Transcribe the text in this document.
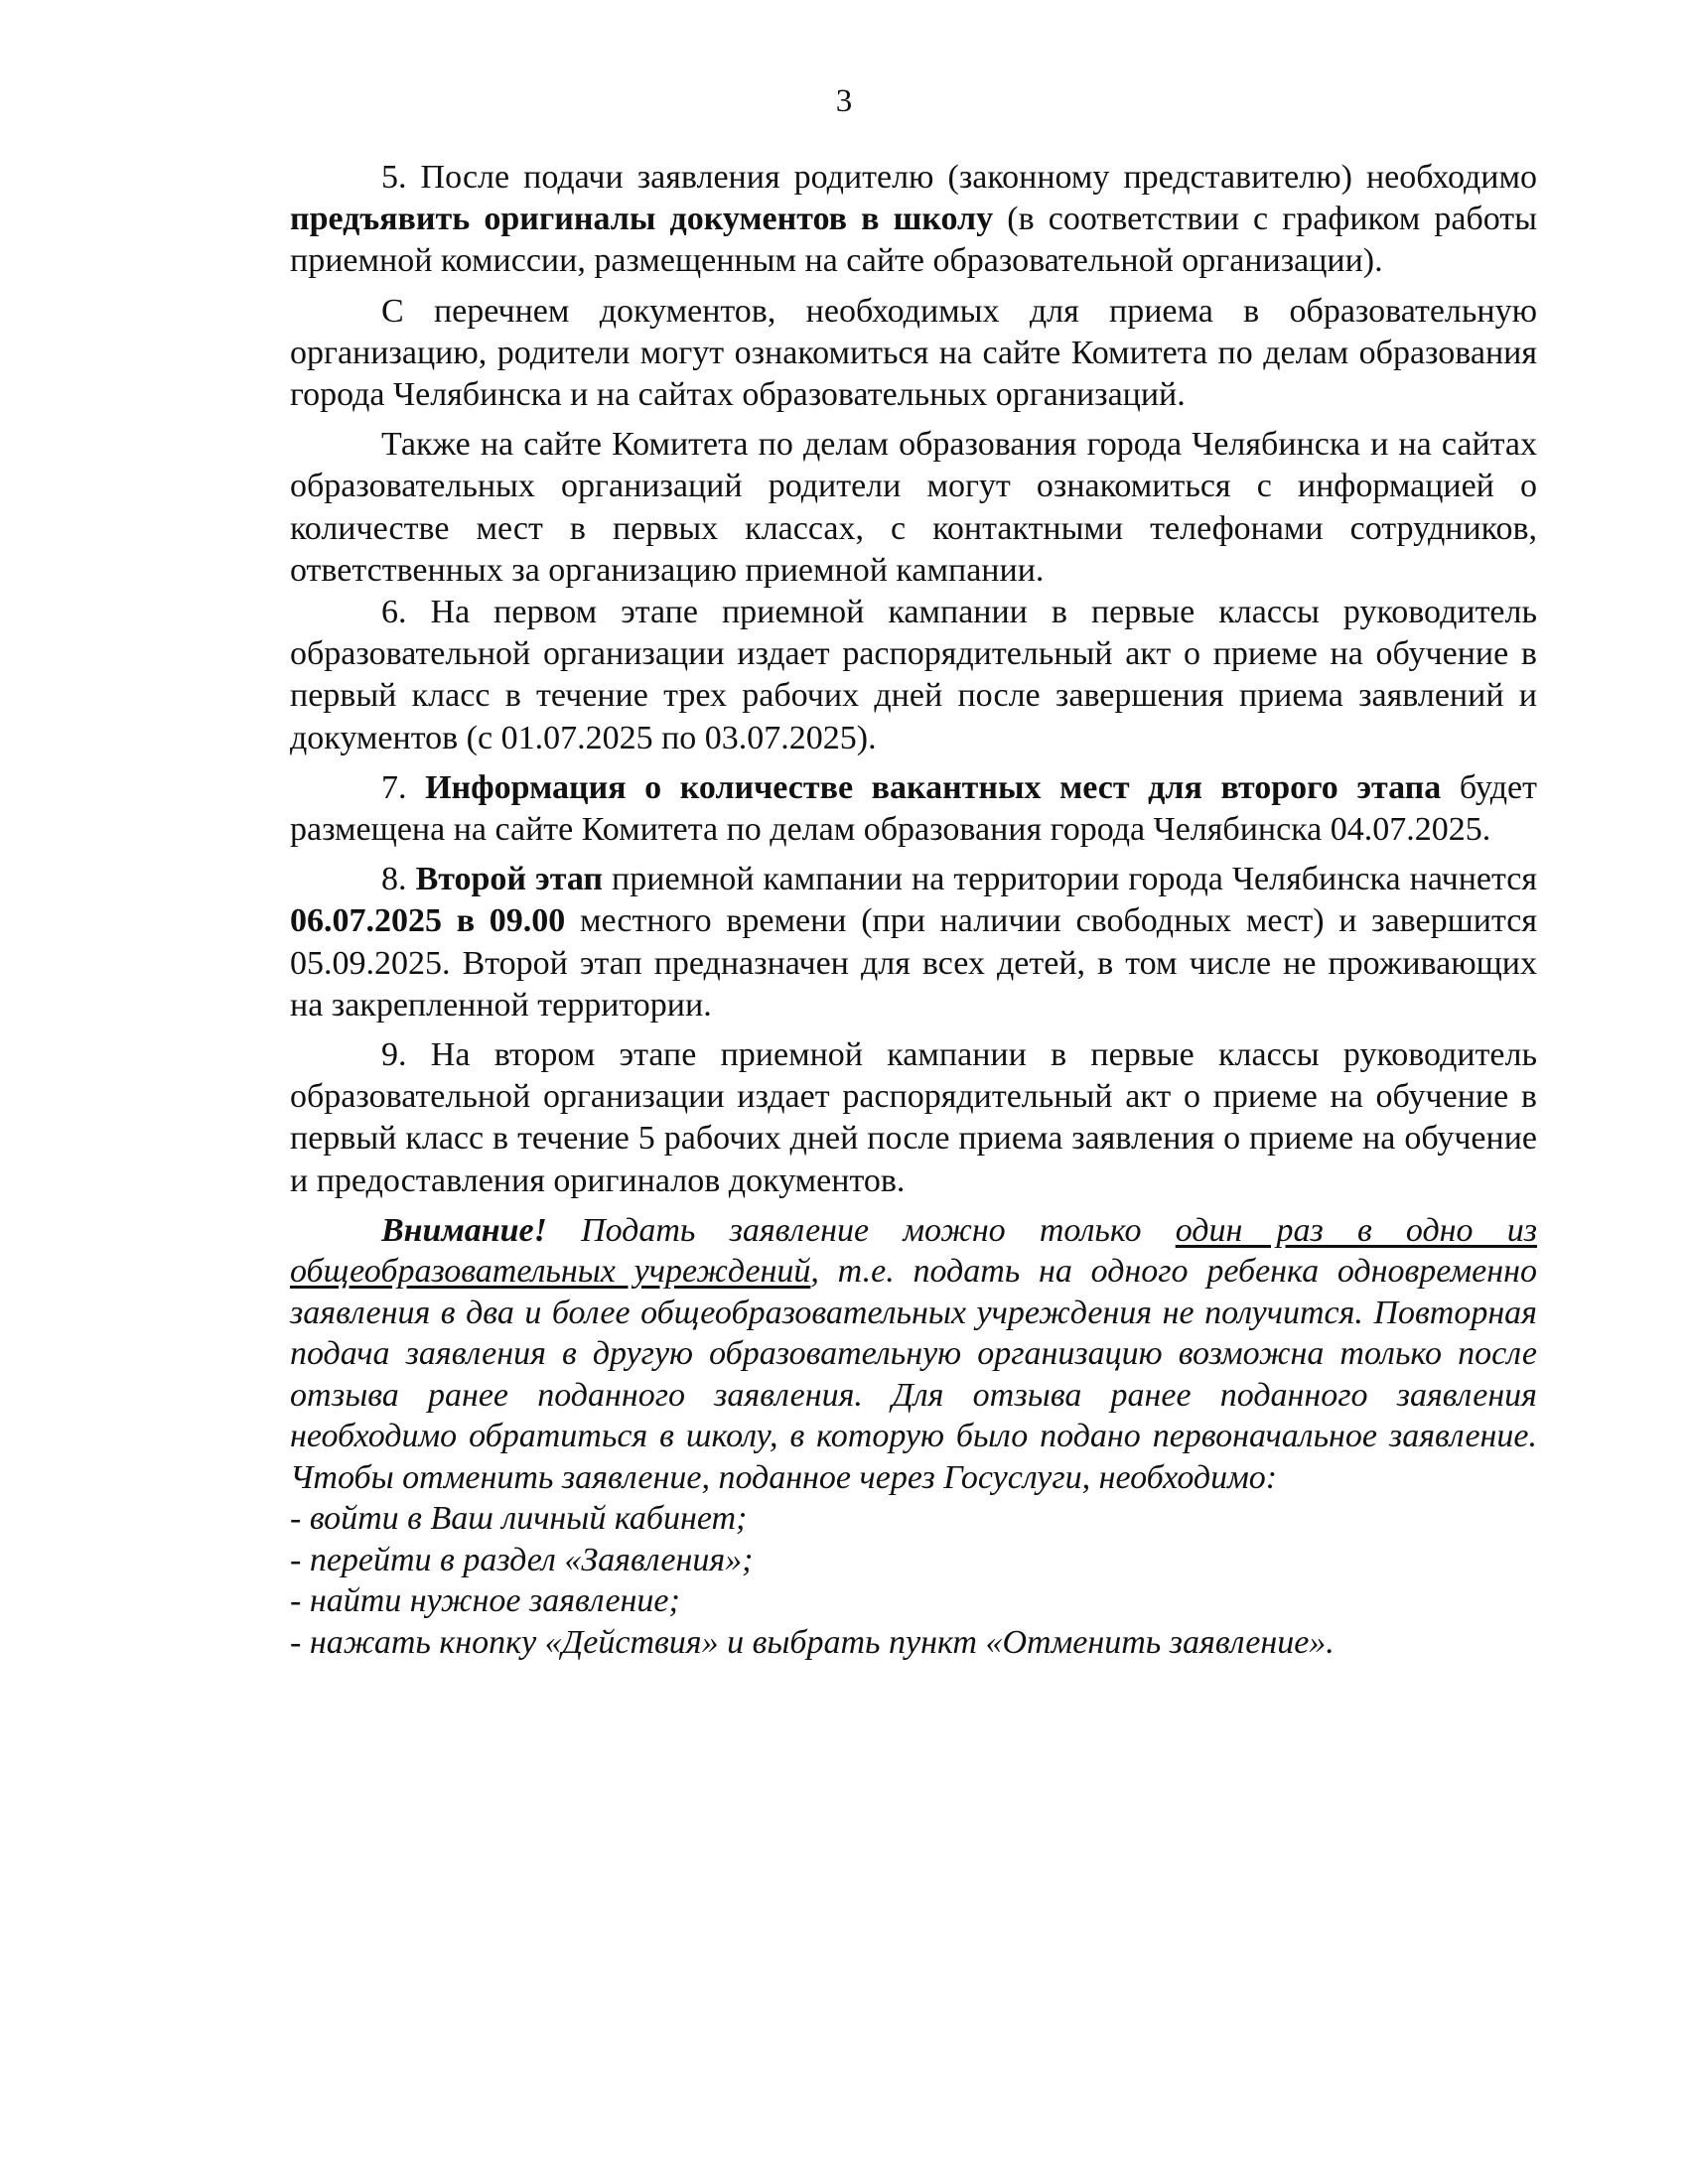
3

5. После подачи заявления родителю (законному представителю) необходимо предъявить оригиналы документов в школу (в соответствии с графиком работы приемной комиссии, размещенным на сайте образовательной организации).

С перечнем документов, необходимых для приема в образовательную организацию, родители могут ознакомиться на сайте Комитета по делам образования города Челябинска и на сайтах образовательных организаций.

Также на сайте Комитета по делам образования города Челябинска и на сайтах образовательных организаций родители могут ознакомиться с информацией о количестве мест в первых классах, с контактными телефонами сотрудников, ответственных за организацию приемной кампании.

6. На первом этапе приемной кампании в первые классы руководитель образовательной организации издает распорядительный акт о приеме на обучение в первый класс в течение трех рабочих дней после завершения приема заявлений и документов (с 01.07.2025 по 03.07.2025).

7. Информация о количестве вакантных мест для второго этапа будет размещена на сайте Комитета по делам образования города Челябинска 04.07.2025.

8. Второй этап приемной кампании на территории города Челябинска начнется 06.07.2025 в 09.00 местного времени (при наличии свободных мест) и завершится 05.09.2025. Второй этап предназначен для всех детей, в том числе не проживающих на закрепленной территории.

9. На втором этапе приемной кампании в первые классы руководитель образовательной организации издает распорядительный акт о приеме на обучение в первый класс в течение 5 рабочих дней после приема заявления о приеме на обучение и предоставления оригиналов документов.

Внимание! Подать заявление можно только один раз в одно из общеобразовательных учреждений, т.е. подать на одного ребенка одновременно заявления в два и более общеобразовательных учреждения не получится. Повторная подача заявления в другую образовательную организацию возможна только после отзыва ранее поданного заявления. Для отзыва ранее поданного заявления необходимо обратиться в школу, в которую было подано первоначальное заявление. Чтобы отменить заявление, поданное через Госуслуги, необходимо:

- войти в Ваш личный кабинет;
- перейти в раздел «Заявления»;
- найти нужное заявление;
- нажать кнопку «Действия» и выбрать пункт «Отменить заявление».
